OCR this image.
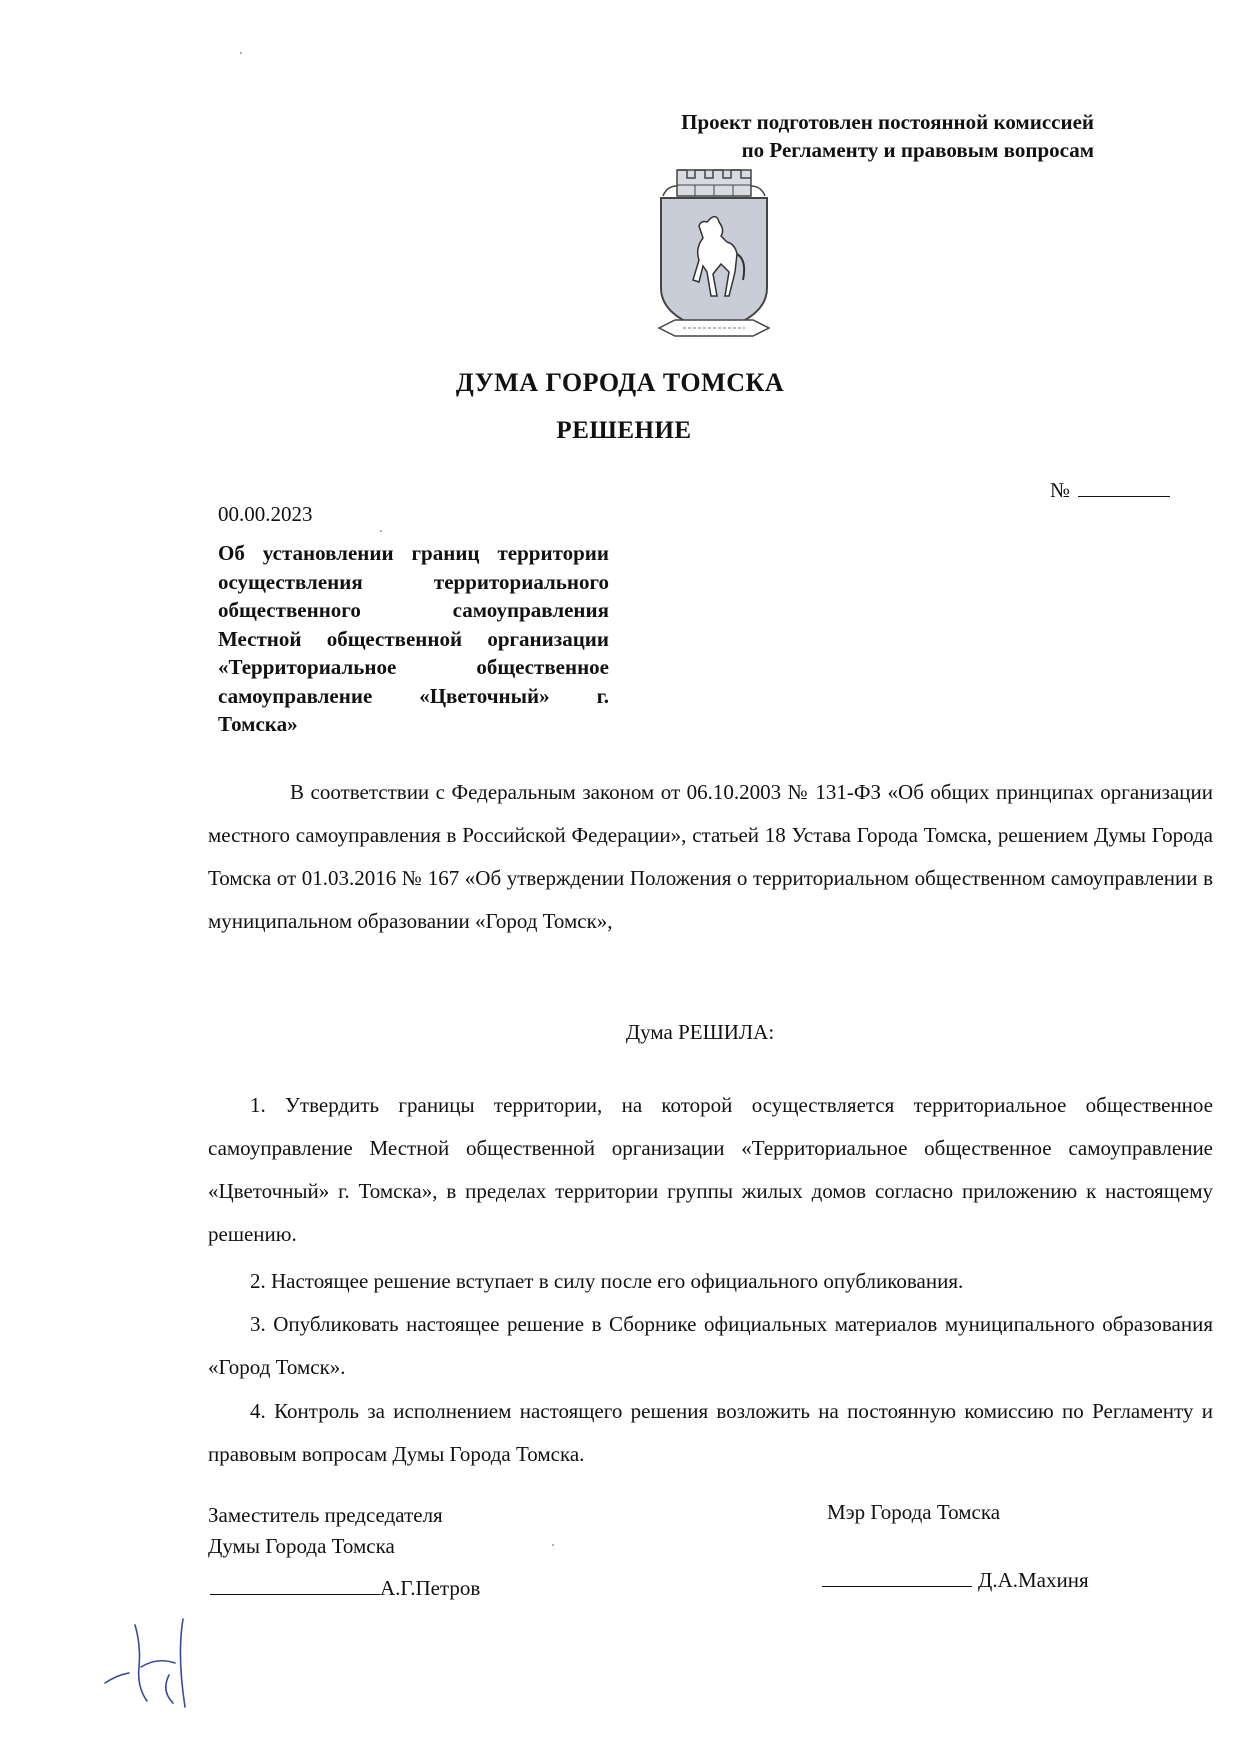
Проект подготовлен постоянной комиссией
по Регламенту и правовым вопросам
ДУМА ГОРОДА ТОМСКА
РЕШЕНИЕ
№
00.00.2023
Об установлении границ территории осуществления территориального общественного самоуправления Местной общественной организации «Территориальное общественное самоуправление «Цветочный» г. Томска»
В соответствии с Федеральным законом от 06.10.2003 № 131-ФЗ «Об общих принципах организации местного самоуправления в Российской Федерации», статьей 18 Устава Города Томска, решением Думы Города Томска от 01.03.2016 № 167 «Об утверждении Положения о территориальном общественном самоуправлении в муниципальном образовании «Город Томск»,
Дума РЕШИЛА:
1. Утвердить границы территории, на которой осуществляется территориальное общественное самоуправление Местной общественной организации «Территориальное общественное самоуправление «Цветочный» г. Томска», в пределах территории группы жилых домов согласно приложению к настоящему решению.
2. Настоящее решение вступает в силу после его официального опубликования.
3. Опубликовать настоящее решение в Сборнике официальных материалов муниципального образования «Город Томск».
4. Контроль за исполнением настоящего решения возложить на постоянную комиссию по Регламенту и правовым вопросам Думы Города Томска.
Заместитель председателя
Думы Города Томска
А.Г.Петров
Мэр Города Томска
Д.А.Махиня
